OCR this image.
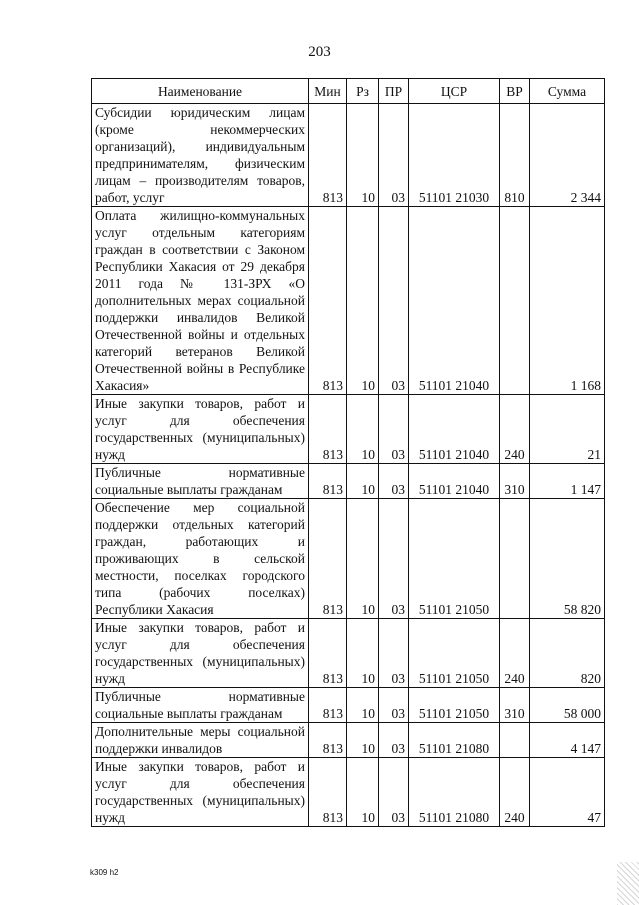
203
Наименование	Мин	Рз	ПР	ЦСР	ВР	Сумма
Субсидии юридическим лицам (кроме некоммерческих организаций), индивидуальным предпринимателям, физическим лицам – производителям товаров, работ, услуг	813	10	03	51101 21030	810	2 344
Оплата жилищно-коммунальных услуг отдельным категориям граждан в соответствии с Законом Республики Хакасия от 29 декабря 2011 года № 131-ЗРХ «О дополнительных мерах социальной поддержки инвалидов Великой Отечественной войны и отдельных категорий ветеранов Великой Отечественной войны в Республике Хакасия»	813	10	03	51101 21040		1 168
Иные закупки товаров, работ и услуг для обеспечения государственных (муниципальных) нужд	813	10	03	51101 21040	240	21
Публичные нормативные социальные выплаты гражданам	813	10	03	51101 21040	310	1 147
Обеспечение мер социальной поддержки отдельных категорий граждан, работающих и проживающих в сельской местности, поселках городского типа (рабочих поселках) Республики Хакасия	813	10	03	51101 21050		58 820
Иные закупки товаров, работ и услуг для обеспечения государственных (муниципальных) нужд	813	10	03	51101 21050	240	820
Публичные нормативные социальные выплаты гражданам	813	10	03	51101 21050	310	58 000
Дополнительные меры социальной поддержки инвалидов	813	10	03	51101 21080		4 147
Иные закупки товаров, работ и услуг для обеспечения государственных (муниципальных) нужд	813	10	03	51101 21080	240	47
k309 h2
